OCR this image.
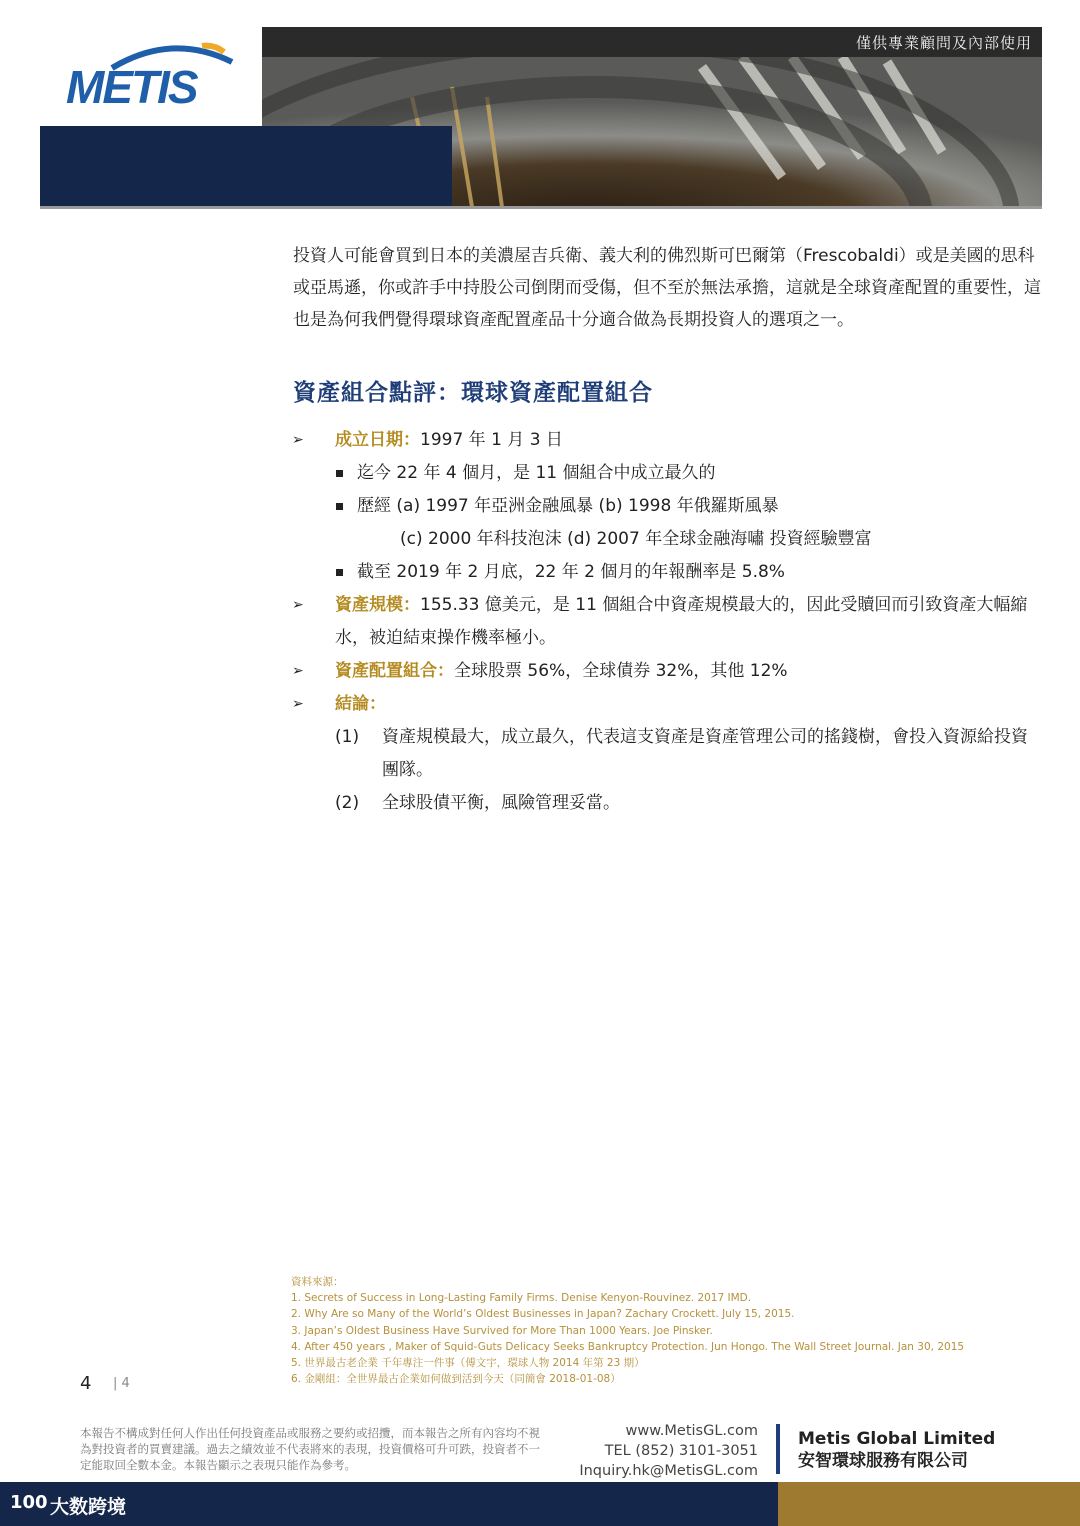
METIS
僅供專業顧問及內部使用

投資人可能會買到日本的美濃屋吉兵衛、義大利的佛烈斯可巴爾第（Frescobaldi）或是美國的思科或亞馬遜，你或許手中持股公司倒閉而受傷，但不至於無法承擔，這就是全球資產配置的重要性，這也是為何我們覺得環球資產配置產品十分適合做為長期投資人的選項之一。

資產組合點評：環球資產配置組合
➢ 成立日期：1997 年 1 月 3 日
迄今 22 年 4 個月，是 11 個組合中成立最久的
歷經 (a) 1997 年亞洲金融風暴 (b) 1998 年俄羅斯風暴
(c) 2000 年科技泡沫 (d) 2007 年全球金融海嘯 投資經驗豐富
截至 2019 年 2 月底，22 年 2 個月的年報酬率是 5.8%
➢ 資產規模：155.33 億美元，是 11 個組合中資產規模最大的，因此受贖回而引致資產大幅縮水，被迫結束操作機率極小。
➢ 資產配置組合：全球股票 56%，全球債券 32%，其他 12%
➢ 結論：
(1) 資產規模最大，成立最久，代表這支資產是資產管理公司的搖錢樹，會投入資源給投資團隊。
(2) 全球股債平衡，風險管理妥當。
資料來源：
1. Secrets of Success in Long-Lasting Family Firms. Denise Kenyon-Rouvinez. 2017 IMD.
2. Why Are so Many of the World’s Oldest Businesses in Japan? Zachary Crockett. July 15, 2015.
3. Japan’s Oldest Business Have Survived for More Than 1000 Years. Joe Pinsker.
4. After 450 years , Maker of Squid-Guts Delicacy Seeks Bankruptcy Protection. Jun Hongo. The Wall Street Journal. Jan 30, 2015
5. 世界最古老企業 千年專注一件事（傅文宇，環球人物 2014 年第 23 期）
6. 金剛組：全世界最古企業如何做到活到今天（同簡會 2018-01-08）
4 | 4

本報告不構成對任何人作出任何投資產品或服務之要約或招攬，而本報告之所有內容均不視為對投資者的買賣建議。過去之績效並不代表將來的表現，投資價格可升可跌，投資者不一定能取回全數本金。本報告顯示之表現只能作為參考。

www.MetisGL.com
TEL (852) 3101-3051
Inquiry.hk@MetisGL.com
Metis Global Limited
安智環球服務有限公司
100 大数跨境
